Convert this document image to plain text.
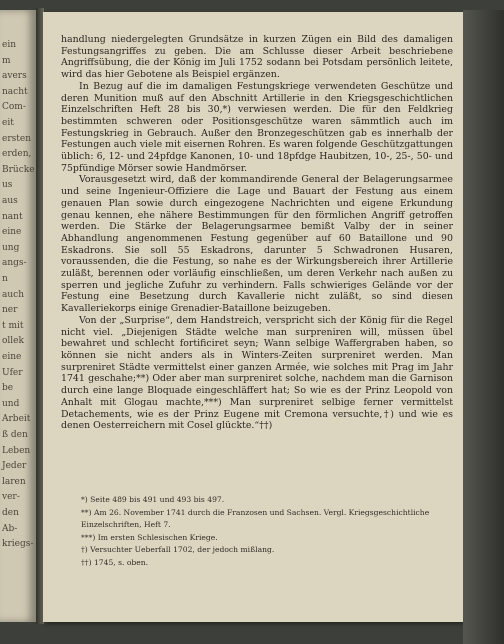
ein
m
avers
nacht
Com-
eit
ersten
erden,
Brücke
us
aus
nant
eine
ung
angs-
n
auch
ner
t mit
ollek
eine
Ufer
be
und
Arbeit
ß den
Leben
Jeder
laren
ver-
den
Ab-
kriegs-

handlung niedergelegten Grundsätze in kurzen Zügen ein Bild des damaligen Festungsangriffes zu geben. Die am Schlusse dieser Arbeit beschriebene Angriffsübung, die der König im Juli 1752 sodann bei Potsdam persönlich leitete, wird das hier Gebotene als Beispiel ergänzen.

In Bezug auf die im damaligen Festungskriege verwendeten Geschütze und deren Munition muß auf den Abschnitt Artillerie in den Kriegsgeschichtlichen Einzelschriften Heft 28 bis 30,*) verwiesen werden. Die für den Feldkrieg bestimmten schweren oder Positionsgeschütze waren sämmtlich auch im Festungskrieg in Gebrauch. Außer den Bronzegeschützen gab es innerhalb der Festungen auch viele mit eisernen Rohren. Es waren folgende Geschützgattungen üblich: 6, 12- und 24pfdge Kanonen, 10- und 18pfdge Haubitzen, 10-, 25-, 50- und 75pfündige Mörser sowie Handmörser.

Vorausgesetzt wird, daß der kommandirende General der Belagerungsarmee und seine Ingenieur-Offiziere die Lage und Bauart der Festung aus einem genauen Plan sowie durch eingezogene Nachrichten und eigene Erkundung genau kennen, ehe nähere Bestimmungen für den förmlichen Angriff getroffen werden. Die Stärke der Belagerungsarmee bemißt Valby der in seiner Abhandlung angenommenen Festung gegenüber auf 60 Bataillone und 90 Eskadrons. Sie soll 55 Eskadrons, darunter 5 Schwadronen Husaren, voraussenden, die die Festung, so nahe es der Wirkungsbereich ihrer Artillerie zuläßt, berennen oder vorläufig einschließen, um deren Verkehr nach außen zu sperren und jegliche Zufuhr zu verhindern. Falls schwieriges Gelände vor der Festung eine Besetzung durch Kavallerie nicht zuläßt, so sind diesen Kavalleriekorps einige Grenadier-Bataillone beizugeben.

Von der „Surprise“, dem Handstreich, verspricht sich der König für die Regel nicht viel. „Diejenigen Städte welche man surpreniren will, müssen übel bewahret und schlecht fortificiret seyn; Wann selbige Waffergraben haben, so können sie nicht anders als in Winters-Zeiten surpreniret werden. Man surpreniret Städte vermittelst einer ganzen Armée, wie solches mit Prag im Jahr 1741 geschahe;**) Oder aber man surpreniret solche, nachdem man die Garnison durch eine lange Bloquade eingeschläffert hat; So wie es der Prinz Leopold von Anhalt mit Glogau machte,***) Man surpreniret selbige ferner vermittelst Detachements, wie es der Prinz Eugene mit Cremona versuchte,†) und wie es denen Oesterreichern mit Cosel glückte.“††)

*) Seite 489 bis 491 und 493 bis 497.
**) Am 26. November 1741 durch die Franzosen und Sachsen. Vergl. Kriegsgeschichtliche Einzelschriften, Heft 7.
***) Im ersten Schlesischen Kriege.
†) Versuchter Ueberfall 1702, der jedoch mißlang.
††) 1745, s. oben.
